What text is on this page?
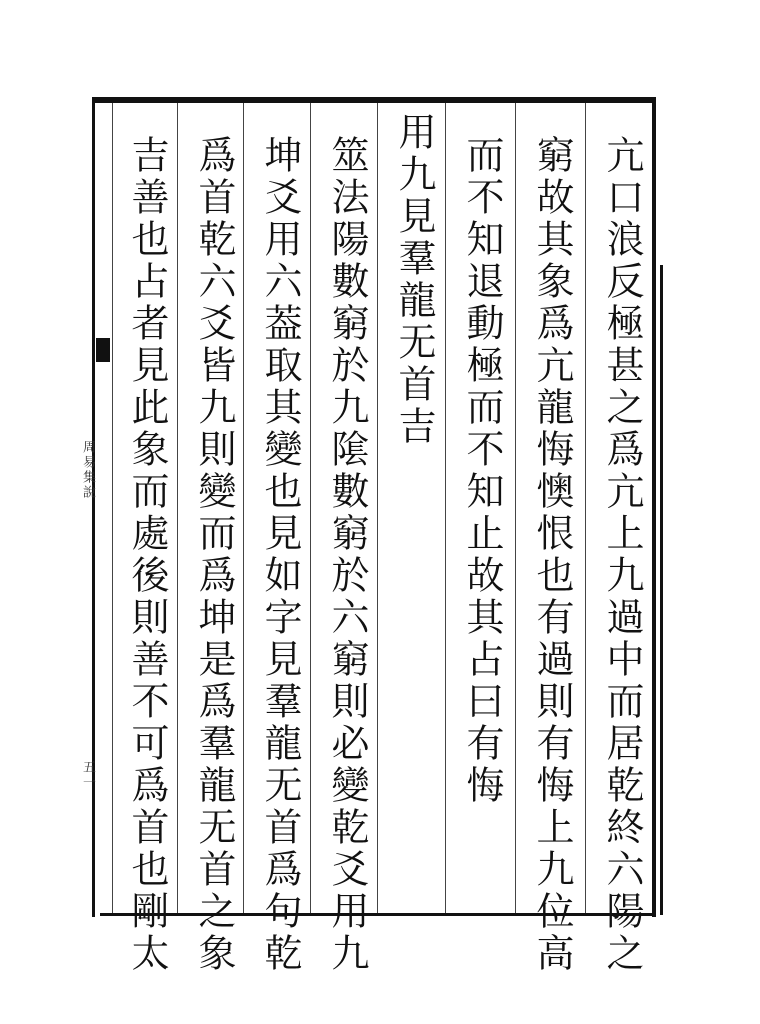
周易集說
五一	亢口浪反極甚之爲亢上九過中而居乾終六陽之
窮故其象爲亢龍悔懊恨也有過則有悔上九位高
而不知退動極而不知止故其占曰有悔
用九見羣龍无首吉
筮法陽數窮於九隂數窮於六窮則必變乾爻用九
坤爻用六葢取其變也見如字見羣龍无首爲句乾
爲首乾六爻皆九則變而爲坤是爲羣龍无首之象
吉善也占者見此象而處後則善不可爲首也剛太
